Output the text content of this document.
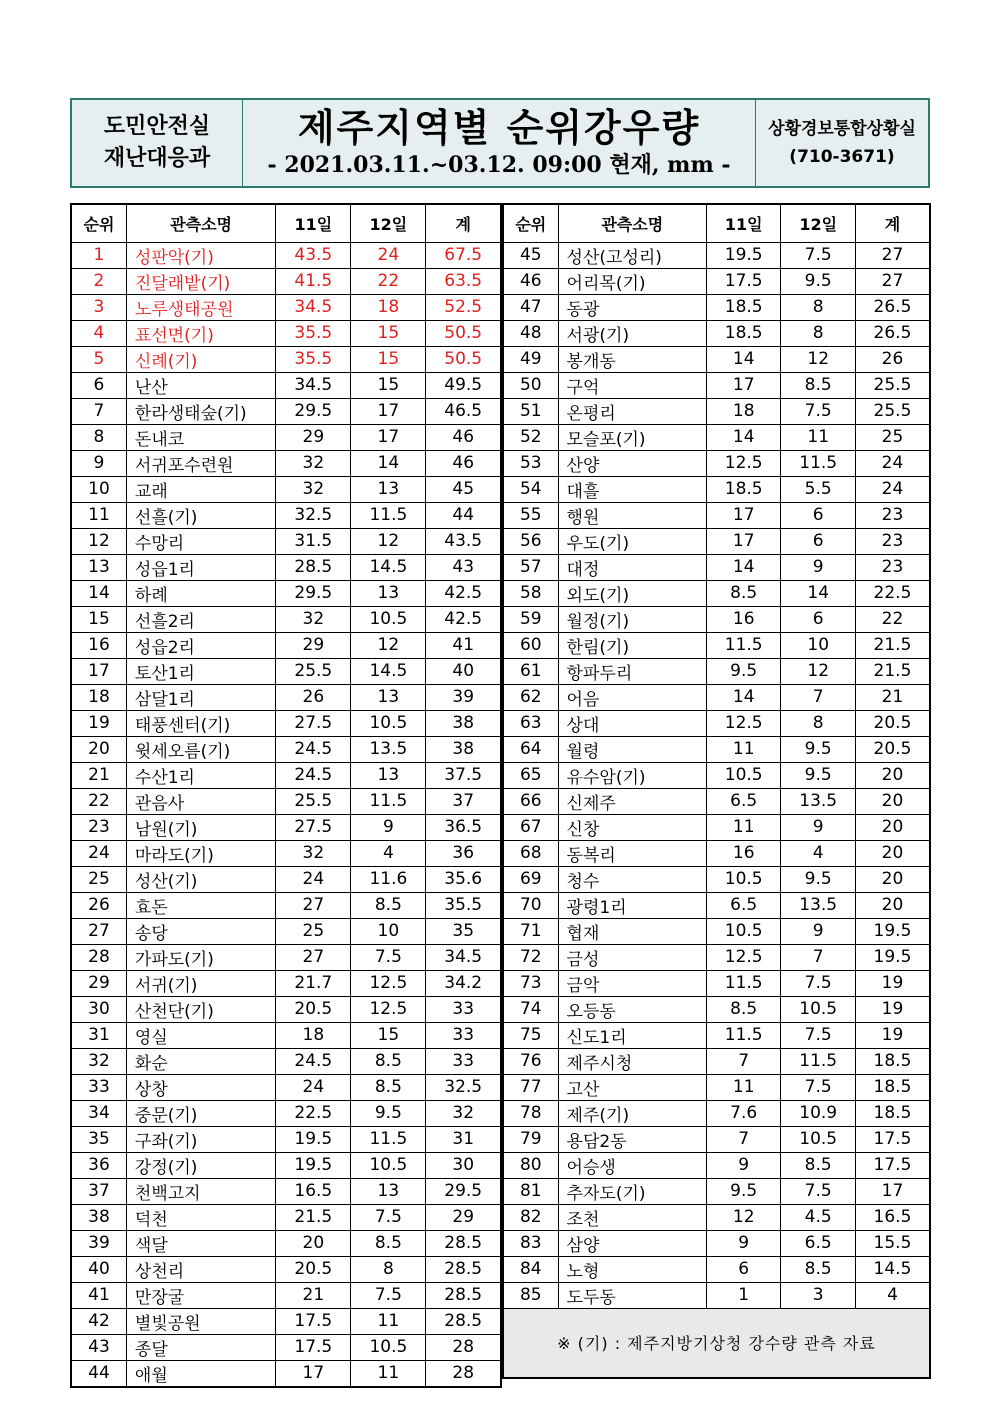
도민안전실
재난대응과
제주지역별 순위강우량
- 2021.03.11.~03.12. 09:00 현재, mm -
상황경보통합상황실
(710-3671)
순위	관측소명	11일	12일	계
1	성판악(기)	43.5	24	67.5
2	진달래밭(기)	41.5	22	63.5
3	노루생태공원	34.5	18	52.5
4	표선면(기)	35.5	15	50.5
5	신례(기)	35.5	15	50.5
6	난산	34.5	15	49.5
7	한라생태숲(기)	29.5	17	46.5
8	돈내코	29	17	46
9	서귀포수련원	32	14	46
10	교래	32	13	45
11	선흘(기)	32.5	11.5	44
12	수망리	31.5	12	43.5
13	성읍1리	28.5	14.5	43
14	하례	29.5	13	42.5
15	선흘2리	32	10.5	42.5
16	성읍2리	29	12	41
17	토산1리	25.5	14.5	40
18	삼달1리	26	13	39
19	태풍센터(기)	27.5	10.5	38
20	윗세오름(기)	24.5	13.5	38
21	수산1리	24.5	13	37.5
22	관음사	25.5	11.5	37
23	남원(기)	27.5	9	36.5
24	마라도(기)	32	4	36
25	성산(기)	24	11.6	35.6
26	효돈	27	8.5	35.5
27	송당	25	10	35
28	가파도(기)	27	7.5	34.5
29	서귀(기)	21.7	12.5	34.2
30	산천단(기)	20.5	12.5	33
31	영실	18	15	33
32	화순	24.5	8.5	33
33	상창	24	8.5	32.5
34	중문(기)	22.5	9.5	32
35	구좌(기)	19.5	11.5	31
36	강정(기)	19.5	10.5	30
37	천백고지	16.5	13	29.5
38	덕천	21.5	7.5	29
39	색달	20	8.5	28.5
40	상천리	20.5	8	28.5
41	만장굴	21	7.5	28.5
42	별빛공원	17.5	11	28.5
43	종달	17.5	10.5	28
44	애월	17	11	28
순위	관측소명	11일	12일	계
45	성산(고성리)	19.5	7.5	27
46	어리목(기)	17.5	9.5	27
47	동광	18.5	8	26.5
48	서광(기)	18.5	8	26.5
49	봉개동	14	12	26
50	구억	17	8.5	25.5
51	온평리	18	7.5	25.5
52	모슬포(기)	14	11	25
53	산양	12.5	11.5	24
54	대흘	18.5	5.5	24
55	행원	17	6	23
56	우도(기)	17	6	23
57	대정	14	9	23
58	외도(기)	8.5	14	22.5
59	월정(기)	16	6	22
60	한림(기)	11.5	10	21.5
61	항파두리	9.5	12	21.5
62	어음	14	7	21
63	상대	12.5	8	20.5
64	월령	11	9.5	20.5
65	유수암(기)	10.5	9.5	20
66	신제주	6.5	13.5	20
67	신창	11	9	20
68	동복리	16	4	20
69	청수	10.5	9.5	20
70	광령1리	6.5	13.5	20
71	협재	10.5	9	19.5
72	금성	12.5	7	19.5
73	금악	11.5	7.5	19
74	오등동	8.5	10.5	19
75	신도1리	11.5	7.5	19
76	제주시청	7	11.5	18.5
77	고산	11	7.5	18.5
78	제주(기)	7.6	10.9	18.5
79	용담2동	7	10.5	17.5
80	어승생	9	8.5	17.5
81	추자도(기)	9.5	7.5	17
82	조천	12	4.5	16.5
83	삼양	9	6.5	15.5
84	노형	6	8.5	14.5
85	도두동	1	3	4
※ (기) : 제주지방기상청 강수량 관측 자료				
